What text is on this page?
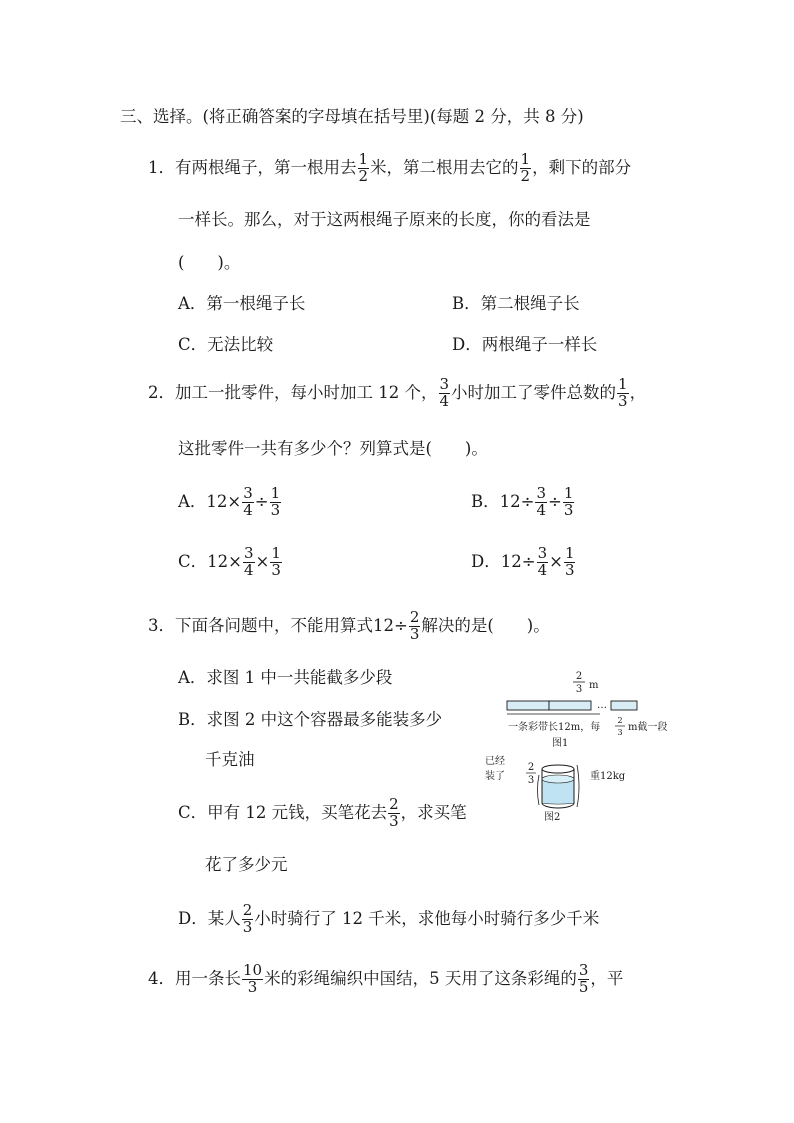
三、选择。(将正确答案的字母填在括号里)(每题 2 分，共 8 分)
1．有两根绳子，第一根用去 $\frac{1}{2}$ 米，第二根用去它的 $\frac{1}{2}$ ，剩下的部分
一样长。那么，对于这两根绳子原来的长度，你的看法是
(　　)。
A．第一根绳子长	B．第二根绳子长
C．无法比较	D．两根绳子一样长
2．加工一批零件，每小时加工 12 个， $\frac{3}{4}$ 小时加工了零件总数的 $\frac{1}{3}$ ，
这批零件一共有多少个？列算式是(　　)。
A．$12\times \frac{3}{4} \div \frac{1}{3}$	B．$12\div \frac{3}{4} \div \frac{1}{3}$
C．$12\times \frac{3}{4} \times \frac{1}{3}$	D．$12\div \frac{3}{4} \times \frac{1}{3}$
3．下面各问题中，不能用算式$12\div \frac{2}{3}$ 解决的是(　　)。
A．求图 1 中一共能截多少段
B．求图 2 中这个容器最多能装多少
千克油
C．甲有 12 元钱，买笔花去 $\frac{2}{3}$ ，求买笔
花了多少元
D．某人 $\frac{2}{3}$ 小时骑行了 12 千米，求他每小时骑行多少千米
2
3 m
…
一条彩带长12m，每
2
3 m截一段
图1
已经
装了
2
3	重12kg
图2
4．用一条长 $\frac{10}{3}$ 米的彩绳编织中国结，5 天用了这条彩绳的 $\frac{3}{5}$ ，平
